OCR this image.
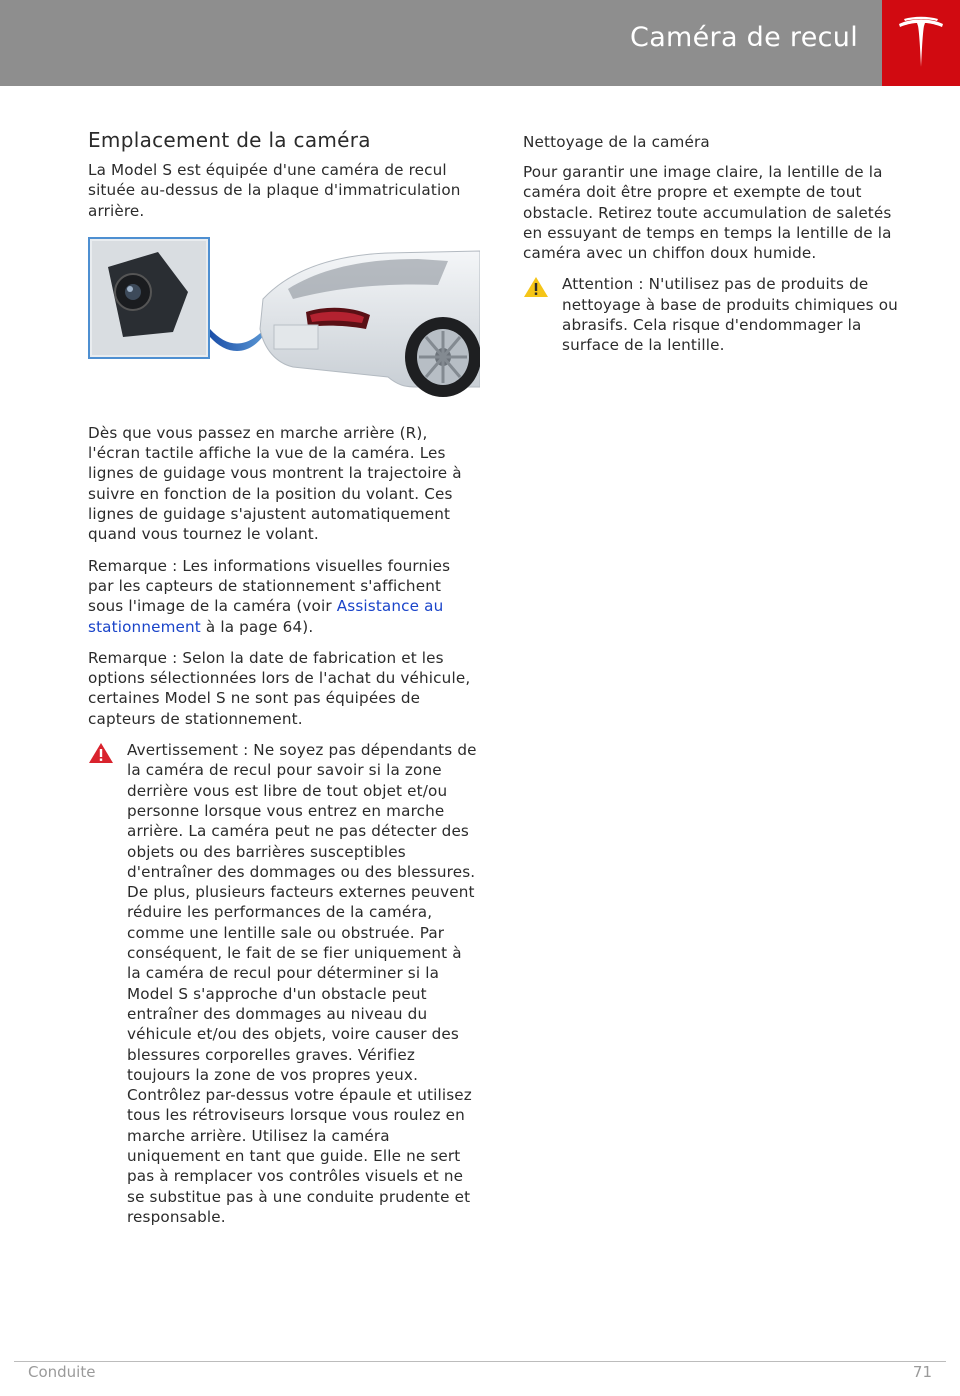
Caméra de recul
Emplacement de la caméra

La Model S est équipée d'une caméra de recul située au-dessus de la plaque d'immatriculation arrière.

Dès que vous passez en marche arrière (R), l'écran tactile affiche la vue de la caméra. Les lignes de guidage vous montrent la trajectoire à suivre en fonction de la position du volant. Ces lignes de guidage s'ajustent automatiquement quand vous tournez le volant.

Remarque : Les informations visuelles fournies par les capteurs de stationnement s'affichent sous l'image de la caméra (voir Assistance au stationnement à la page 64).

Remarque : Selon la date de fabrication et les options sélectionnées lors de l'achat du véhicule, certaines Model S ne sont pas équipées de capteurs de stationnement.

Avertissement : Ne soyez pas dépendants de la caméra de recul pour savoir si la zone derrière vous est libre de tout objet et/ou personne lorsque vous entrez en marche arrière. La caméra peut ne pas détecter des objets ou des barrières susceptibles d'entraîner des dommages ou des blessures. De plus, plusieurs facteurs externes peuvent réduire les performances de la caméra, comme une lentille sale ou obstruée. Par conséquent, le fait de se fier uniquement à la caméra de recul pour déterminer si la Model S s'approche d'un obstacle peut entraîner des dommages au niveau du véhicule et/ou des objets, voire causer des blessures corporelles graves. Vérifiez toujours la zone de vos propres yeux. Contrôlez par-dessus votre épaule et utilisez tous les rétroviseurs lorsque vous roulez en marche arrière. Utilisez la caméra uniquement en tant que guide. Elle ne sert pas à remplacer vos contrôles visuels et ne se substitue pas à une conduite prudente et responsable.

Nettoyage de la caméra

Pour garantir une image claire, la lentille de la caméra doit être propre et exempte de tout obstacle. Retirez toute accumulation de saletés en essuyant de temps en temps la lentille de la caméra avec un chiffon doux humide.

Attention : N'utilisez pas de produits de nettoyage à base de produits chimiques ou abrasifs. Cela risque d'endommager la surface de la lentille.

Conduite	71
